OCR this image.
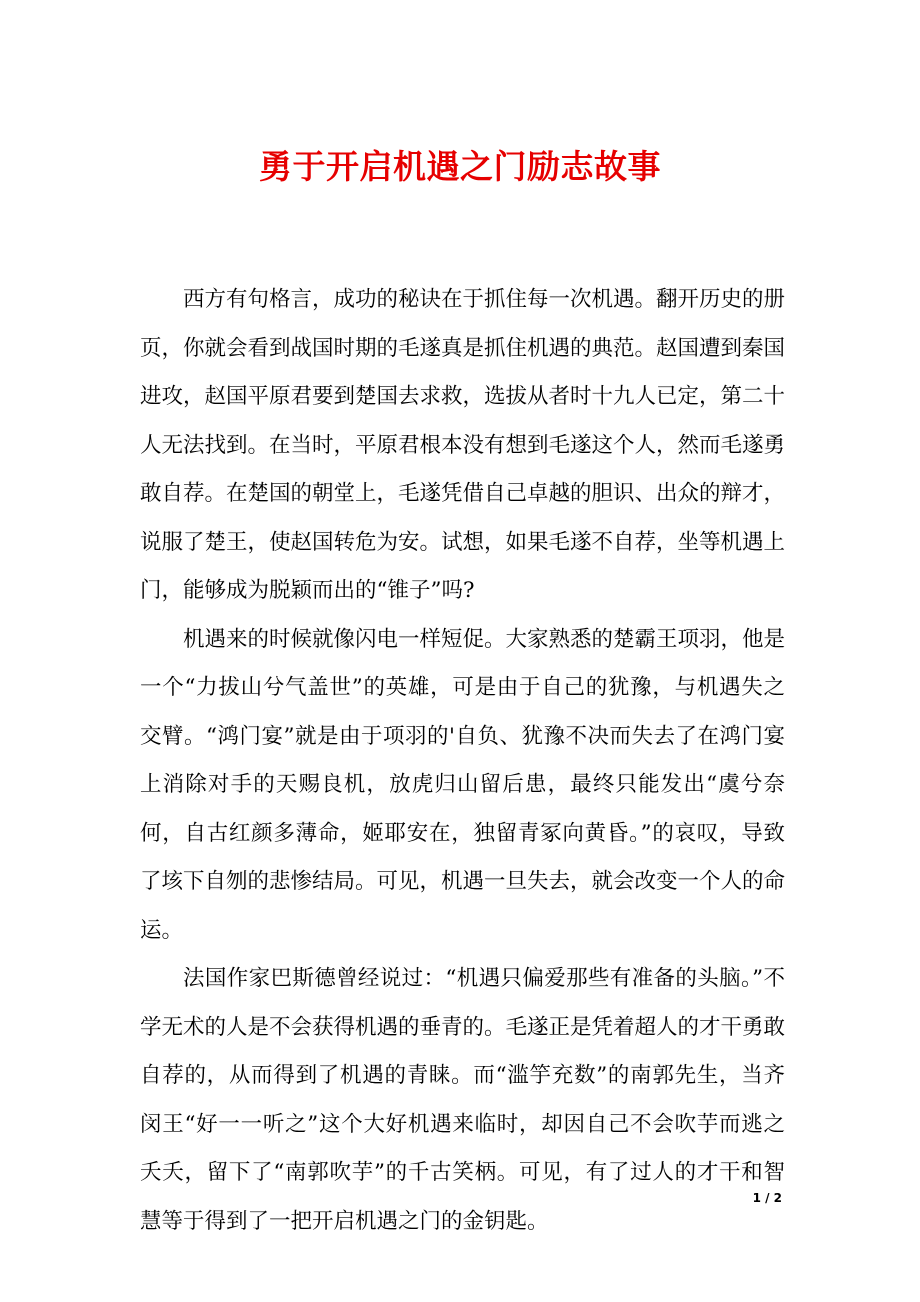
勇于开启机遇之门励志故事

西方有句格言，成功的秘诀在于抓住每一次机遇。翻开历史的册页，你就会看到战国时期的毛遂真是抓住机遇的典范。赵国遭到秦国进攻，赵国平原君要到楚国去求救，选拔从者时十九人已定，第二十人无法找到。在当时，平原君根本没有想到毛遂这个人，然而毛遂勇敢自荐。在楚国的朝堂上，毛遂凭借自己卓越的胆识、出众的辩才，说服了楚王，使赵国转危为安。试想，如果毛遂不自荐，坐等机遇上门，能够成为脱颖而出的“锥子”吗?

机遇来的时候就像闪电一样短促。大家熟悉的楚霸王项羽，他是一个“力拔山兮气盖世”的英雄，可是由于自己的犹豫，与机遇失之交臂。“鸿门宴”就是由于项羽的'自负、犹豫不决而失去了在鸿门宴上消除对手的天赐良机，放虎归山留后患，最终只能发出“虞兮奈何，自古红颜多薄命，姬耶安在，独留青冢向黄昏。”的哀叹，导致了垓下自刎的悲惨结局。可见，机遇一旦失去，就会改变一个人的命运。

法国作家巴斯德曾经说过：“机遇只偏爱那些有准备的头脑。”不学无术的人是不会获得机遇的垂青的。毛遂正是凭着超人的才干勇敢自荐的，从而得到了机遇的青睐。而“滥竽充数”的南郭先生，当齐闵王“好一一听之”这个大好机遇来临时，却因自己不会吹芋而逃之夭夭，留下了“南郭吹芋”的千古笑柄。可见，有了过人的才干和智慧等于得到了一把开启机遇之门的金钥匙。

1 / 2
